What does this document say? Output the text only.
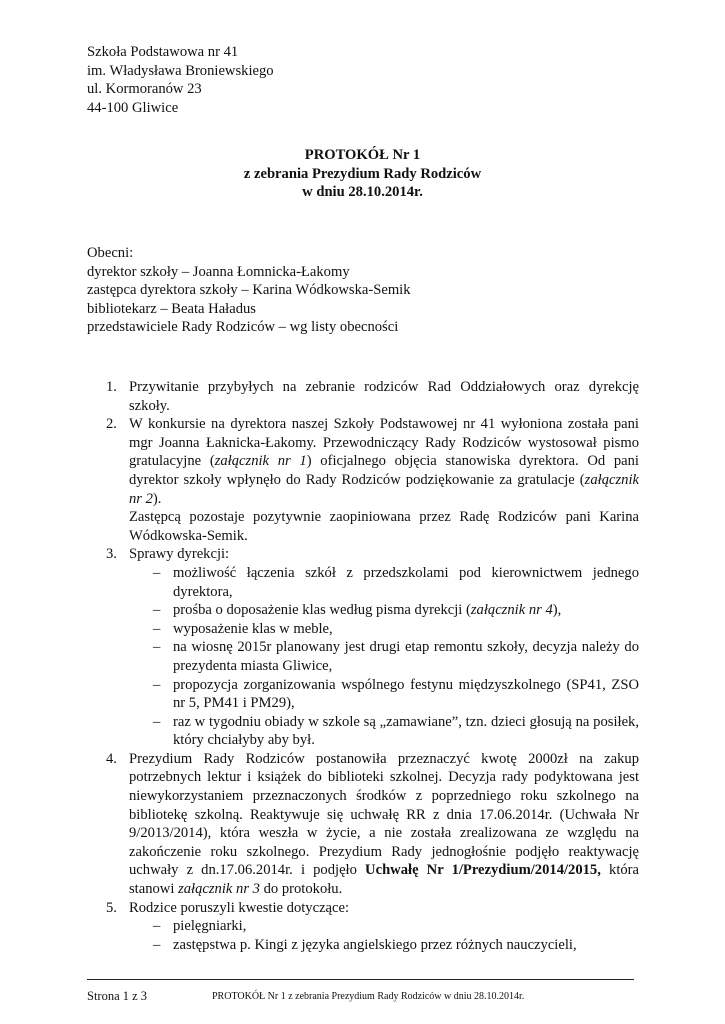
Szkoła Podstawowa nr 41
im. Władysława Broniewskiego
ul. Kormoranów 23
44-100 Gliwice
PROTOKÓŁ Nr 1
z zebrania Prezydium Rady Rodziców
w dniu 28.10.2014r.
Obecni:
dyrektor szkoły – Joanna Łomnicka-Łakomy
zastępca dyrektora szkoły – Karina Wódkowska-Semik
bibliotekarz – Beata Haładus
przedstawiciele Rady Rodziców – wg listy obecności
1. Przywitanie przybyłych na zebranie rodziców Rad Oddziałowych oraz dyrekcję szkoły.
2. W konkursie na dyrektora naszej Szkoły Podstawowej nr 41 wyłoniona została pani mgr Joanna Łaknicka-Łakomy. Przewodniczący Rady Rodziców wystosował pismo gratulacyjne (załącznik nr 1) oficjalnego objęcia stanowiska dyrektora. Od pani dyrektor szkoły wpłynęło do Rady Rodziców podziękowanie za gratulacje (załącznik nr 2).
Zastępcą pozostaje pozytywnie zaopiniowana przez Radę Rodziców pani Karina Wódkowska-Semik.
3. Sprawy dyrekcji:
– możliwość łączenia szkół z przedszkolami pod kierownictwem jednego dyrektora,
– prośba o doposażenie klas według pisma dyrekcji (załącznik nr 4),
– wyposażenie klas w meble,
– na wiosnę 2015r planowany jest drugi etap remontu szkoły, decyzja należy do prezydenta miasta Gliwice,
– propozycja zorganizowania wspólnego festynu międzyszkolnego (SP41, ZSO nr 5, PM41 i PM29),
– raz w tygodniu obiady w szkole są „zamawiane”, tzn. dzieci głosują na posiłek, który chciałyby aby był.
4. Prezydium Rady Rodziców postanowiła przeznaczyć kwotę 2000zł na zakup potrzebnych lektur i książek do biblioteki szkolnej. Decyzja rady podyktowana jest niewykorzystaniem przeznaczonych środków z poprzedniego roku szkolnego na bibliotekę szkolną. Reaktywuje się uchwałę RR z dnia 17.06.2014r. (Uchwała Nr 9/2013/2014), która weszła w życie, a nie została zrealizowana ze względu na zakończenie roku szkolnego. Prezydium Rady jednogłośnie podjęło reaktywację uchwały z dn.17.06.2014r. i podjęło Uchwałę Nr 1/Prezydium/2014/2015, która stanowi załącznik nr 3 do protokołu.
5. Rodzice poruszyli kwestie dotyczące:
– pielęgniarki,
– zastępstwa p. Kingi z języka angielskiego przez różnych nauczycieli,
Strona 1 z 3	PROTOKÓŁ Nr 1 z zebrania Prezydium Rady Rodziców w dniu 28.10.2014r.
